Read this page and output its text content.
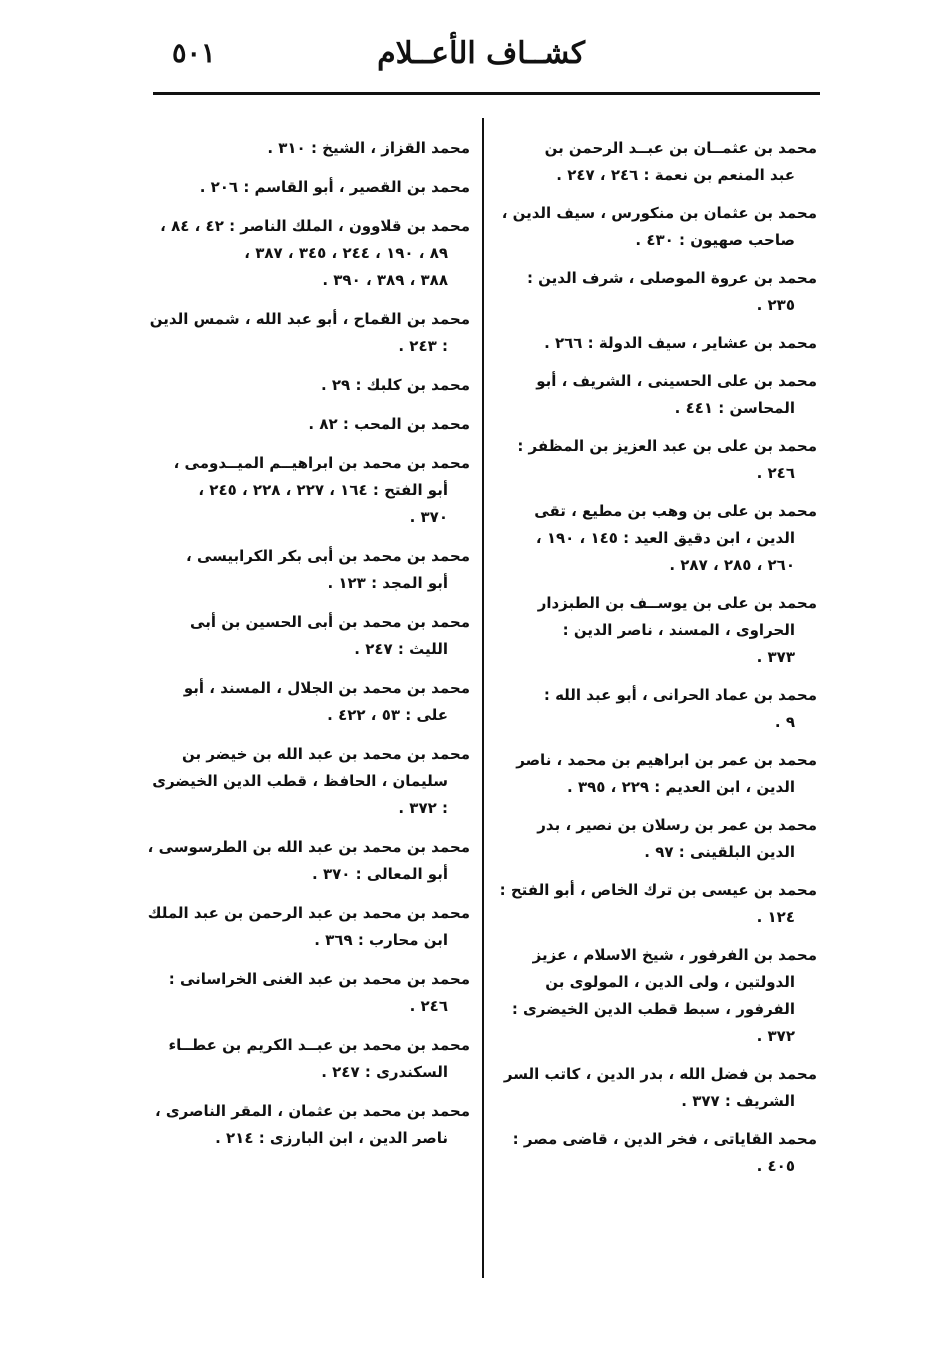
كشــاف الأعــلام
٥٠١

محمد بن عثمــان بن عبــد الرحمن بن
عبد المنعم بن نعمة : ٢٤٦ ، ٢٤٧ .

محمد بن عثمان بن منكورس ، سيف الدين ،
صاحب صهيون : ٤٣٠ .

محمد بن عروة الموصلى ، شرف الدين :
٢٣٥ .

محمد بن عشاير ، سيف الدولة : ٢٦٦ .

محمد بن على الحسينى ، الشريف ، أبو
المحاسن : ٤٤١ .

محمد بن على بن عبد العزيز بن المظفر :
٢٤٦ .

محمد بن على بن وهب بن مطيع ، تقى
الدين ، ابن دقيق العيد : ١٤٥ ، ١٩٠ ،
٢٦٠ ، ٢٨٥ ، ٢٨٧ .

محمد بن على بن يوســف بن الطبزدار
الحراوى ، المسند ، ناصر الدين :
٣٧٣ .

محمد بن عماد الحرانى ، أبو عبد الله :
٩ .

محمد بن عمر بن ابراهيم بن محمد ، ناصر
الدين ، ابن العديم : ٢٢٩ ، ٣٩٥ .

محمد بن عمر بن رسلان بن نصير ، بدر
الدين البلقينى : ٩٧ .

محمد بن عيسى بن ترك الخاص ، أبو الفتح :
١٢٤ .

محمد بن الفرفور ، شيخ الاسلام ، عزيز
الدولتين ، ولى الدين ، المولوى بن
الفرفور ، سبط قطب الدين الخيضرى :
٣٧٢ .

محمد بن فضل الله ، بدر الدين ، كاتب السر
الشريف : ٣٧٧ .

محمد القاياتى ، فخر الدين ، قاضى مصر :
٤٠٥ .

محمد القزاز ، الشيخ : ٣١٠ .

محمد بن القصير ، أبو القاسم : ٢٠٦ .

محمد بن قلاوون ، الملك الناصر : ٤٢ ، ٨٤ ،
٨٩ ، ١٩٠ ، ٢٤٤ ، ٣٤٥ ، ٣٨٧ ،
٣٨٨ ، ٣٨٩ ، ٣٩٠ .

محمد بن القماح ، أبو عبد الله ، شمس الدين
: ٢٤٣ .

محمد بن كلبك : ٢٩ .

محمد بن المحب : ٨٢ .

محمد بن محمد بن ابراهيــم الميــدومى ،
أبو الفتح : ١٦٤ ، ٢٢٧ ، ٢٢٨ ، ٢٤٥ ،
٣٧٠ .

محمد بن محمد بن أبى بكر الكرابيسى ،
أبو المجد : ١٢٣ .

محمد بن محمد بن أبى الحسين بن أبى
الليث : ٢٤٧ .

محمد بن محمد بن الجلال ، المسند ، أبو
على : ٥٣ ، ٤٢٢ .

محمد بن محمد بن عبد الله بن خيضر بن
سليمان ، الحافظ ، قطب الدين الخيضرى
: ٣٧٢ .

محمد بن محمد بن عبد الله بن الطرسوسى ،
أبو المعالى : ٣٧٠ .

محمد بن محمد بن عبد الرحمن بن عبد الملك
ابن محارب : ٣٦٩ .

محمد بن محمد بن عبد الغنى الخراسانى :
٢٤٦ .

محمد بن محمد بن عبــد الكريم بن عطــاء
السكندرى : ٢٤٧ .

محمد بن محمد بن عثمان ، المقر الناصرى ،
ناصر الدين ، ابن البارزى : ٢١٤ .
